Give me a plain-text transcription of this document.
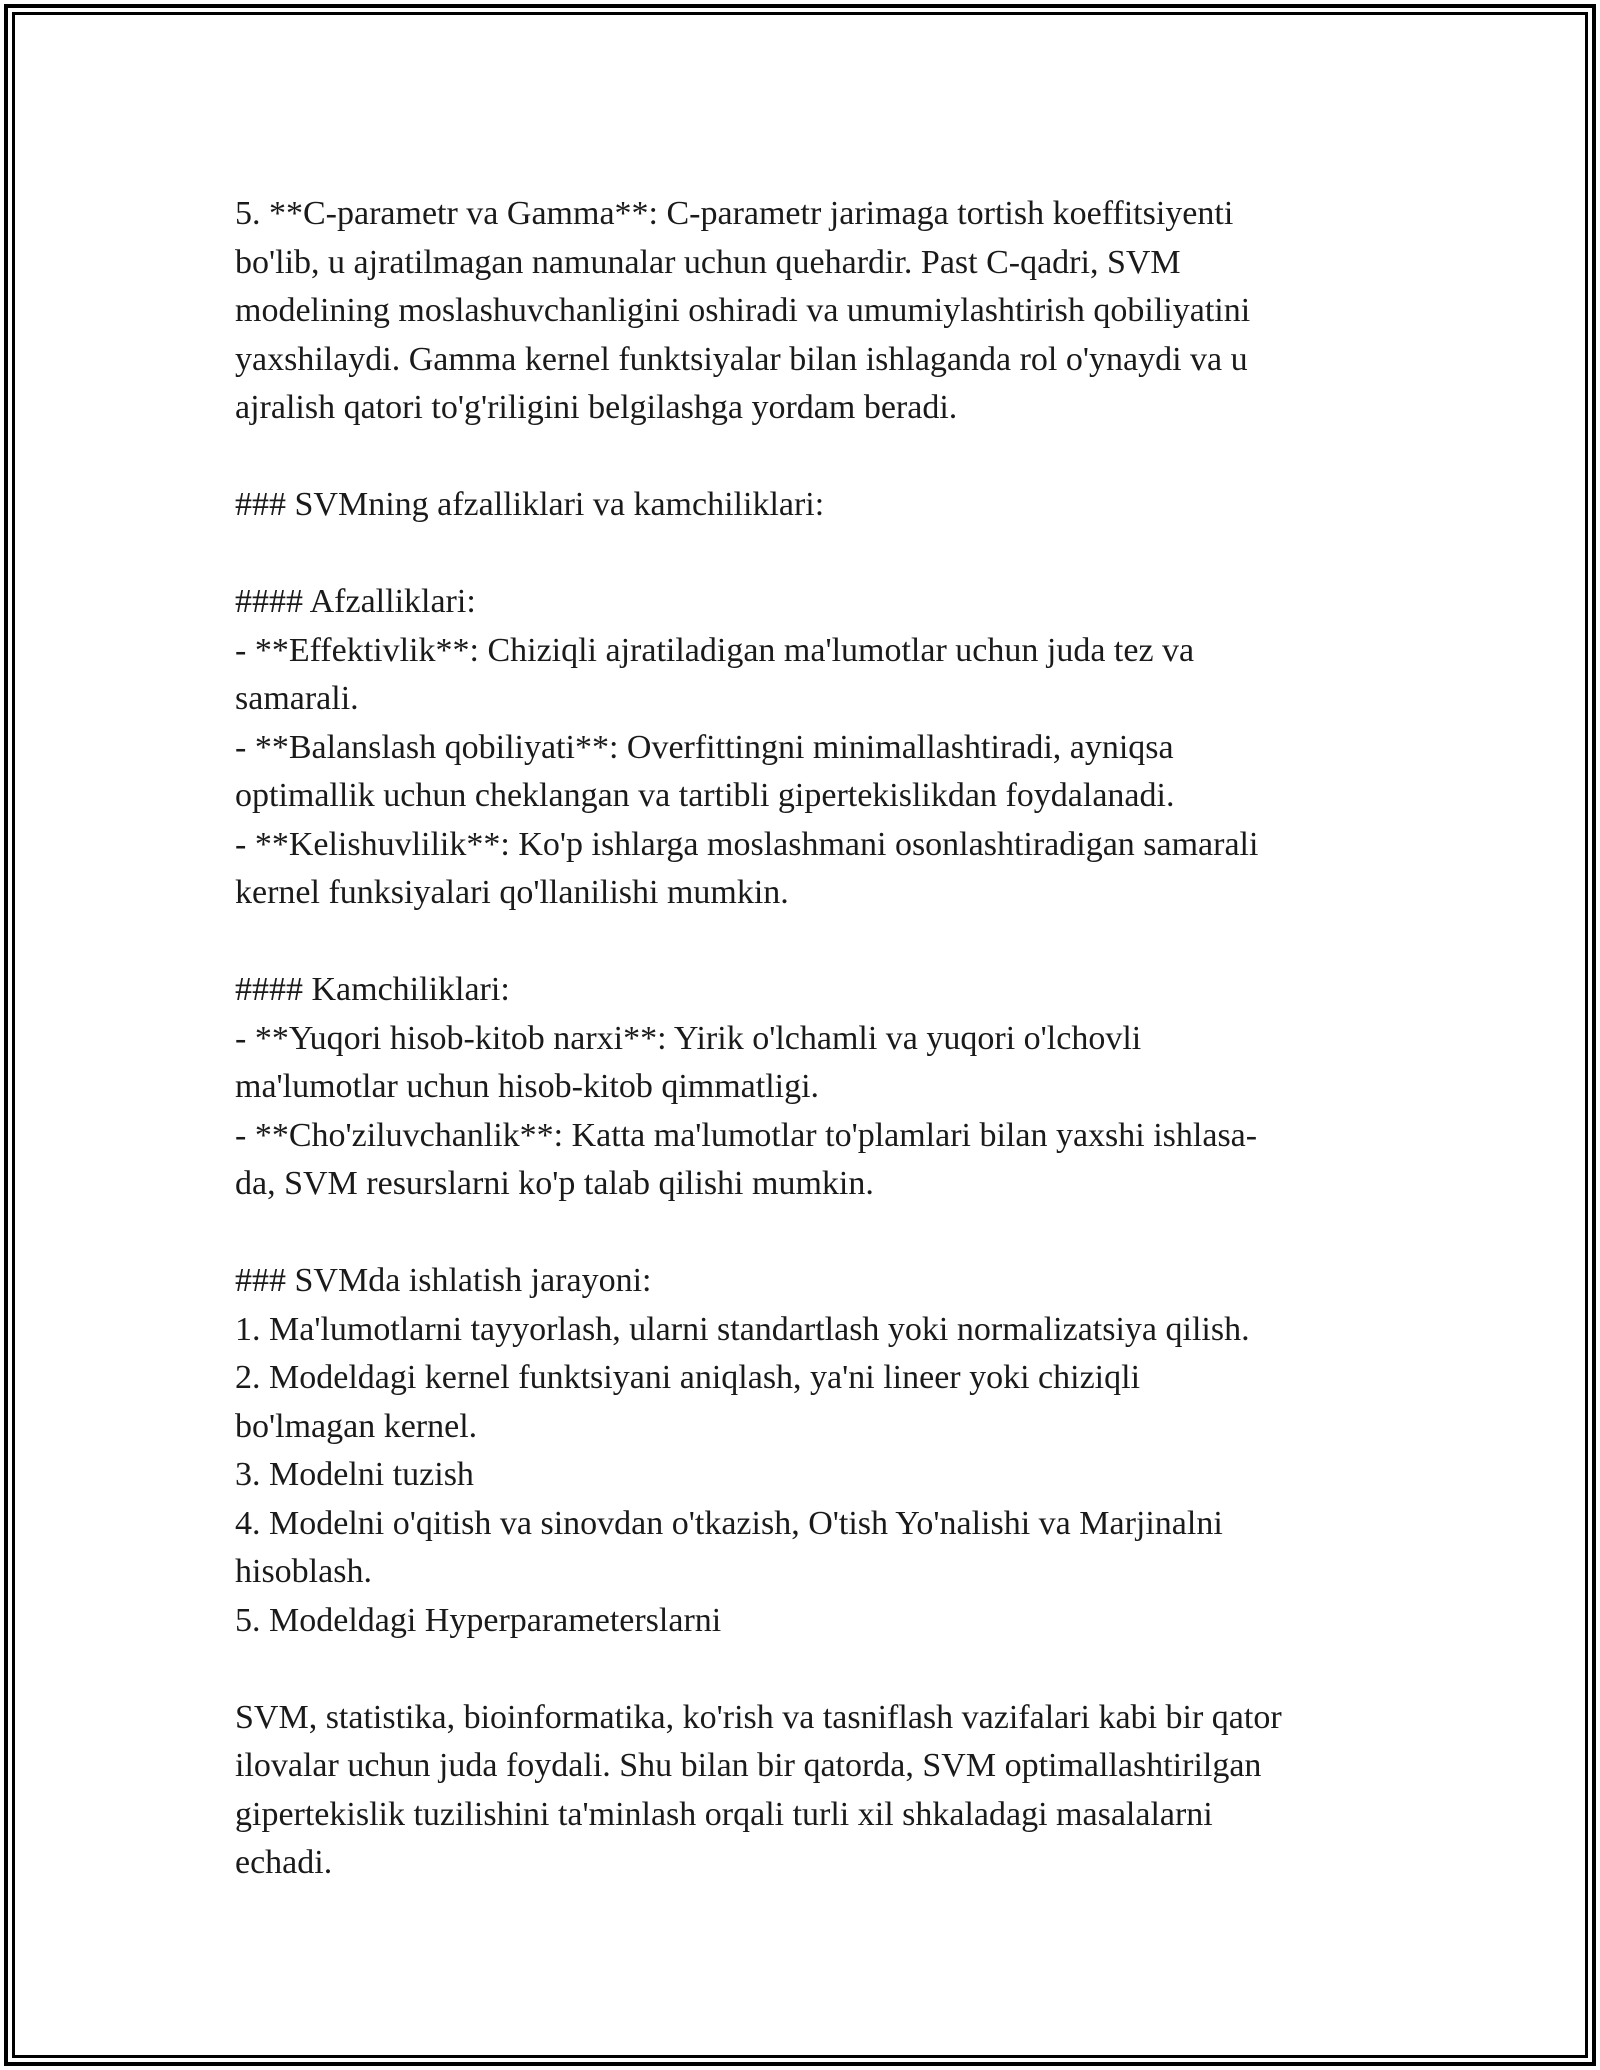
5. **C-parametr va Gamma**: C-parametr jarimaga tortish koeffitsiyenti
bo'lib, u ajratilmagan namunalar uchun quehardir. Past C-qadri, SVM
modelining moslashuvchanligini oshiradi va umumiylashtirish qobiliyatini
yaxshilaydi. Gamma kernel funktsiyalar bilan ishlaganda rol o'ynaydi va u
ajralish qatori to'g'riligini belgilashga yordam beradi.
### SVMning afzalliklari va kamchiliklari:
#### Afzalliklari:
- **Effektivlik**: Chiziqli ajratiladigan ma'lumotlar uchun juda tez va
samarali.
- **Balanslash qobiliyati**: Overfittingni minimallashtiradi, ayniqsa
optimallik uchun cheklangan va tartibli gipertekislikdan foydalanadi.
- **Kelishuvlilik**: Ko'p ishlarga moslashmani osonlashtiradigan samarali
kernel funksiyalari qo'llanilishi mumkin.
#### Kamchiliklari:
- **Yuqori hisob-kitob narxi**: Yirik o'lchamli va yuqori o'lchovli
ma'lumotlar uchun hisob-kitob qimmatligi.
- **Cho'ziluvchanlik**: Katta ma'lumotlar to'plamlari bilan yaxshi ishlasa-
da, SVM resurslarni ko'p talab qilishi mumkin.
### SVMda ishlatish jarayoni:
1. Ma'lumotlarni tayyorlash, ularni standartlash yoki normalizatsiya qilish.
2. Modeldagi kernel funktsiyani aniqlash, ya'ni lineer yoki chiziqli
bo'lmagan kernel.
3. Modelni tuzish
4. Modelni o'qitish va sinovdan o'tkazish, O'tish Yo'nalishi va Marjinalni
hisoblash.
5. Modeldagi Hyperparameterslarni
SVM, statistika, bioinformatika, ko'rish va tasniflash vazifalari kabi bir qator
ilovalar uchun juda foydali. Shu bilan bir qatorda, SVM optimallashtirilgan
gipertekislik tuzilishini ta'minlash orqali turli xil shkaladagi masalalarni
echadi.
